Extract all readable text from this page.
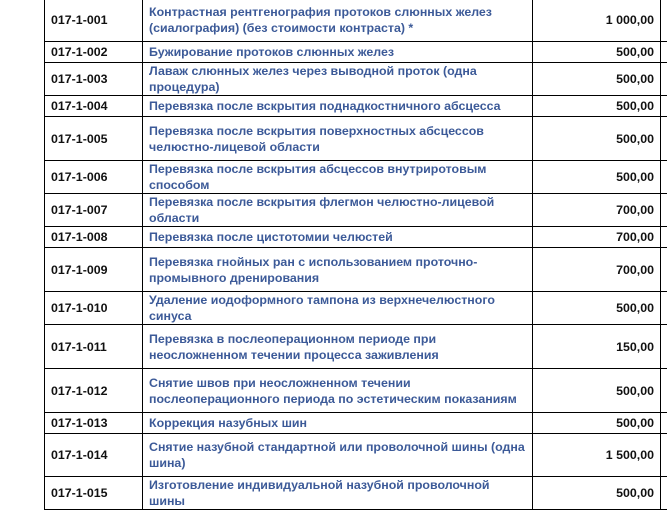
017-1-001	Контрастная рентгенография протоков слюнных желез (сиалография) (без стоимости контраста) *	1 000,00	
017-1-002	Бужирование протоков слюнных желез	500,00	
017-1-003	Лаваж слюнных желез через выводной проток (одна процедура)	500,00	
017-1-004	Перевязка после вскрытия поднадкостничного абсцесса	500,00	
017-1-005	Перевязка после вскрытия поверхностных абсцессов челюстно-лицевой области	500,00	
017-1-006	Перевязка после вскрытия абсцессов внутриротовым способом	500,00	
017-1-007	Перевязка после вскрытия флегмон челюстно-лицевой области	700,00	
017-1-008	Перевязка после цистотомии челюстей	700,00	
017-1-009	Перевязка гнойных ран с использованием проточно-промывного дренирования	700,00	
017-1-010	Удаление иодоформного тампона из верхнечелюстного синуса	500,00	
017-1-011	Перевязка в послеоперационном периоде при неосложненном течении процесса заживления	150,00	
017-1-012	Снятие швов при неосложненном течении послеоперационного периода по эстетическим показаниям	500,00	
017-1-013	Коррекция назубных шин	500,00	
017-1-014	Снятие назубной стандартной или проволочной шины (одна шина)	1 500,00	
017-1-015	Изготовление индивидуальной назубной проволочной шины	500,00	
